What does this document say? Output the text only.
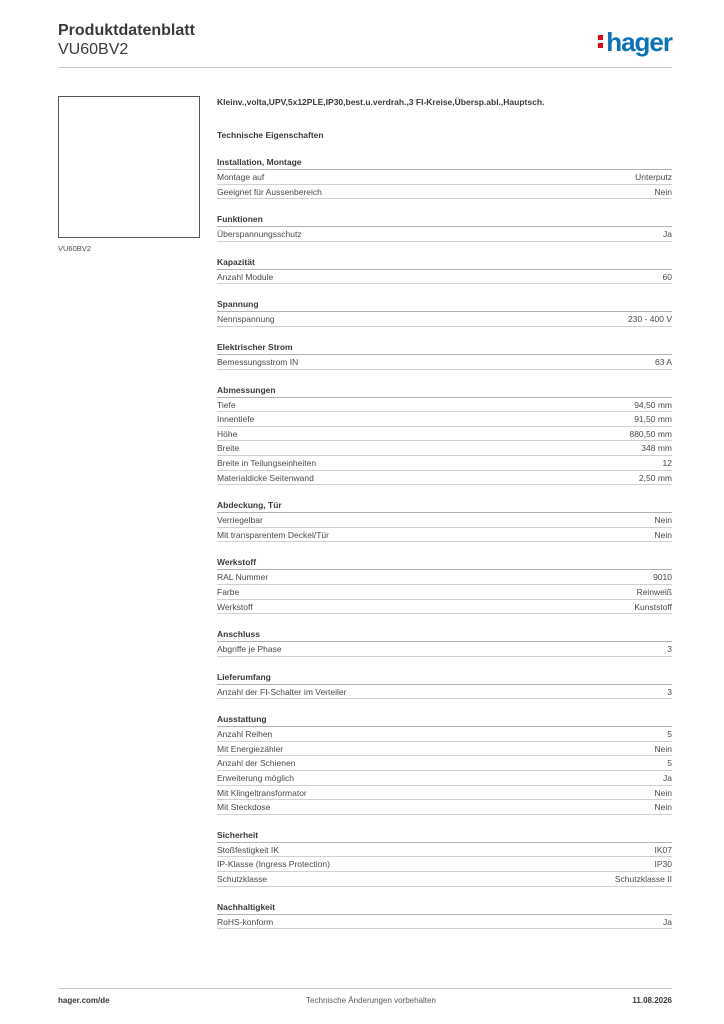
Produktdatenblatt
VU60BV2	hager
VU60BV2
Kleinv.,volta,UPV,5x12PLE,IP30,best.u.verdrah.,3 FI-Kreise,Übersp.abl.,Hauptsch.
Technische Eigenschaften
Installation, Montage
Montage auf	Unterputz
Geeignet für Aussenbereich	Nein
Funktionen
Überspannungsschutz	Ja
Kapazität
Anzahl Module	60
Spannung
Nennspannung	230 - 400 V
Elektrischer Strom
Bemessungsstrom IN	63 A
Abmessungen
Tiefe	94,50 mm
Innentiefe	91,50 mm
Höhe	880,50 mm
Breite	348 mm
Breite in Teilungseinheiten	12
Materialdicke Seitenwand	2,50 mm
Abdeckung, Tür
Verriegelbar	Nein
Mit transparentem Deckel/Tür	Nein
Werkstoff
RAL Nummer	9010
Farbe	Reinweiß
Werkstoff	Kunststoff
Anschluss
Abgriffe je Phase	3
Lieferumfang
Anzahl der FI-Schalter im Verteiler	3
Ausstattung
Anzahl Reihen	5
Mit Energiezähler	Nein
Anzahl der Schienen	5
Erweiterung möglich	Ja
Mit Klingeltransformator	Nein
Mit Steckdose	Nein
Sicherheit
Stoßfestigkeit IK	IK07
IP-Klasse (Ingress Protection)	IP30
Schutzklasse	Schutzklasse II
Nachhaltigkeit
RoHS-konform	Ja
hager.com/de	Technische Änderungen vorbehalten	11.08.2026
